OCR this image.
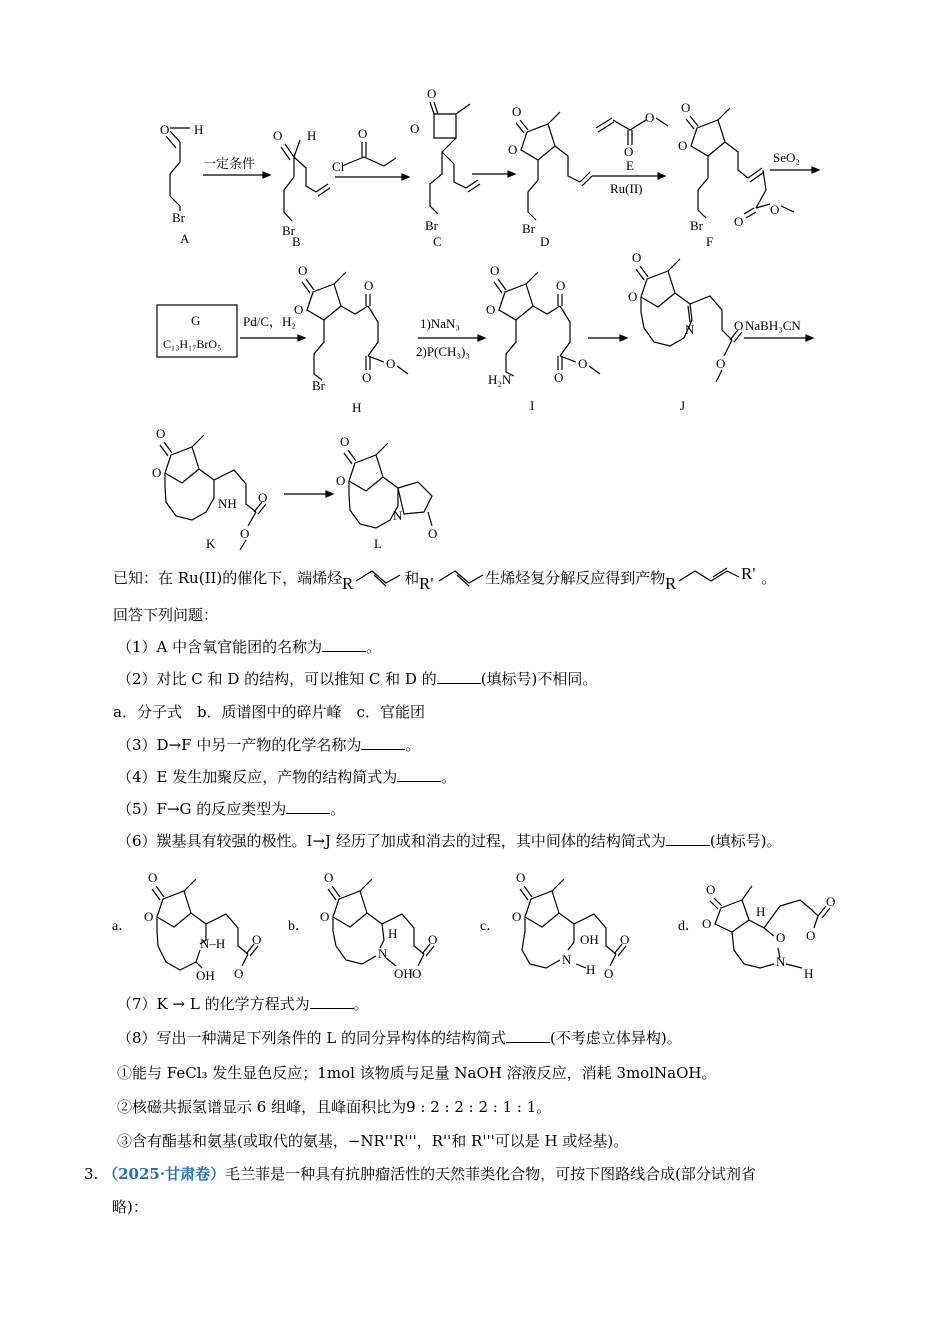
O H
Br
A
一定条件
O H
Br
B
O
Cl
O
O
Br
C
O
O
Br
D
O
O
E
Ru(II)
O
O
O
O
Br
F
SeO₂
G
C₁₃H₁₇BrO₅
Pd/C，H₂
O
O
O
O
O
Br
H
1)NaN₃
2)P(CH₃)₃
O
O
O
O
O
H₂N
I
O
O
N	O
O
J
NaBH₃CN
O
O
NH O
O
K
O
O
N
O
L
已知：在 Ru(II)的催化下，端烯烃 R	和 R'	生烯烃复分解反应得到产物 R
R' 。
回答下列问题：
（1）A 中含氧官能团的名称为	。
（2）对比 C 和 D 的结构，可以推知 C 和 D 的	(填标号)不相同。
a．分子式　b．质谱图中的碎片峰　c．官能团
（3）D→F 中另一产物的化学名称为	。
（4）E 发生加聚反应，产物的结构简式为	。
（5）F→G 的反应类型为	。
（6）羰基具有较强的极性。I→J 经历了加成和消去的过程，其中间体的结构简式为	(填标号)。
a．
O
O
N–H
OH
O
O
b．
O
O
H
N
OH
O
O
c．
O
O
OH
N
H
O
O
d．
O
O
H
O
N
H
O
O
（7）K → L 的化学方程式为	。
（8）写出一种满足下列条件的 L 的同分异构体的结构简式	(不考虑立体异构)。
①能与 FeCl₃ 发生显色反应；1mol 该物质与足量 NaOH 溶液反应，消耗 3molNaOH。
②核磁共振氢谱显示 6 组峰，且峰面积比为9 : 2 : 2 : 2 : 1 : 1。
③含有酯基和氨基(或取代的氨基，−NR''R'''，R''和 R'''可以是 H 或烃基)。
3. （2025·甘肃卷）毛兰菲是一种具有抗肿瘤活性的天然菲类化合物，可按下图路线合成(部分试剂省
略)：
